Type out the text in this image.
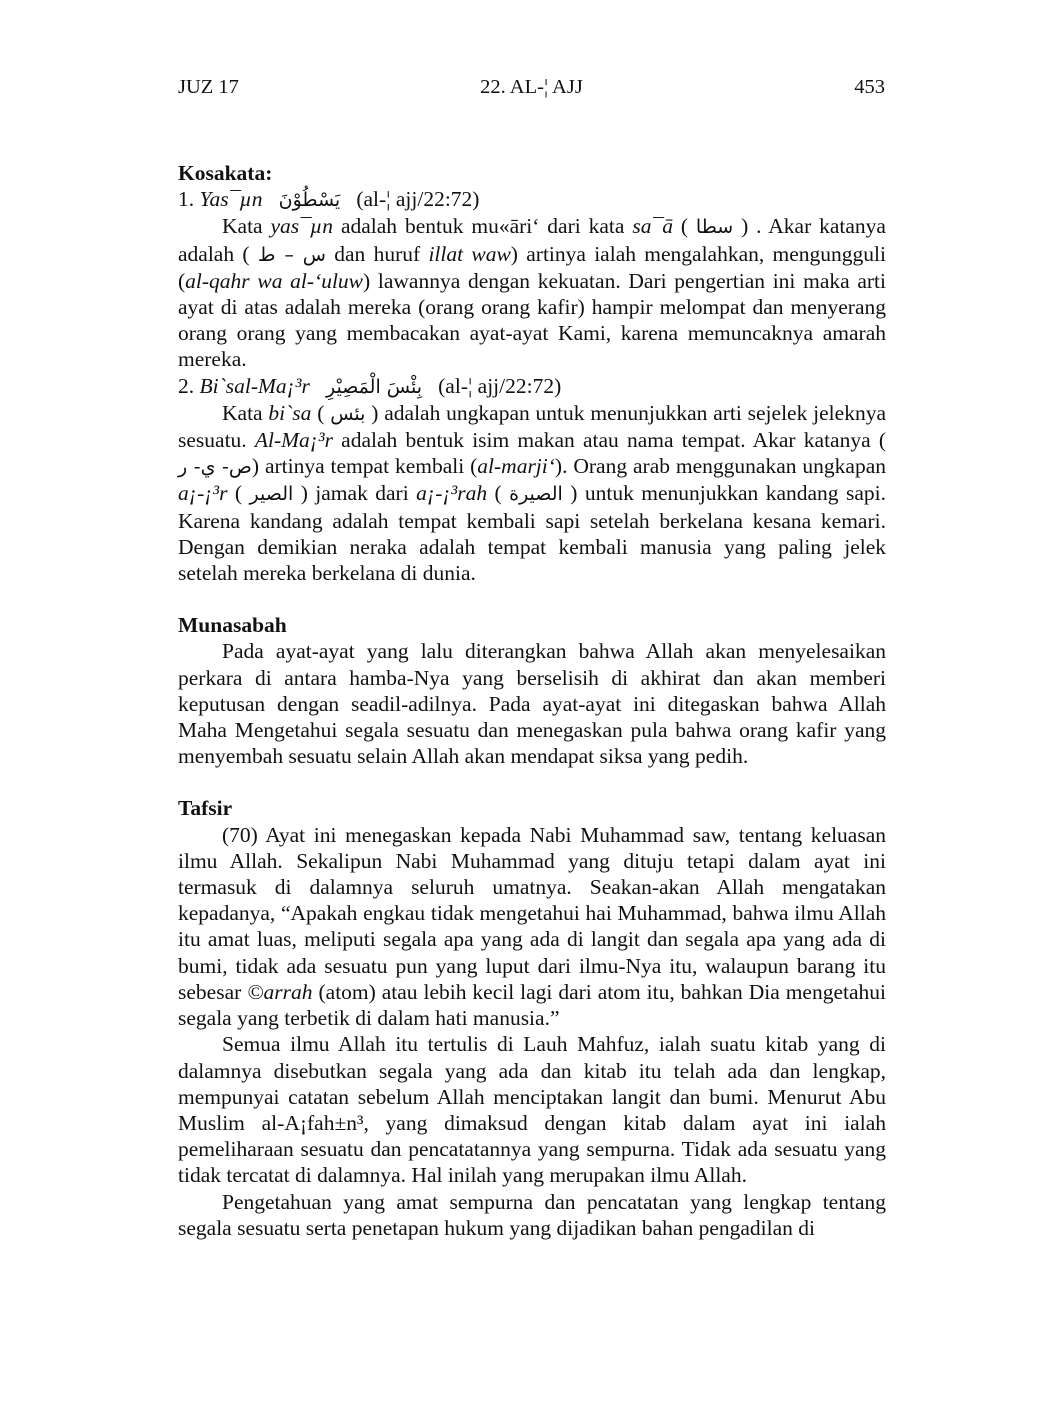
JUZ 17	22. AL-¦ AJJ	453
Kosakata:
1. Yas¯µn يَسْطُوْنَ (al-¦ ajj/22:72)

Kata yas¯µn adalah bentuk mu«āri‘ dari kata sa¯ā ( سطا ) . Akar katanya adalah ( س – ط dan huruf illat waw) artinya ialah mengalahkan, mengungguli (al-qahr wa al-‘uluw) lawannya dengan kekuatan. Dari pengertian ini maka arti ayat di atas adalah mereka (orang orang kafir) hampir melompat dan menyerang orang orang yang membacakan ayat-ayat Kami, karena memuncaknya amarah mereka.

2. Bi`sal-Ma¡³r بِئْسَ الْمَصِيْرِ (al-¦ ajj/22:72)

Kata bi`sa ( بئس ) adalah ungkapan untuk menunjukkan arti sejelek jeleknya sesuatu. Al-Ma¡³r adalah bentuk isim makan atau nama tempat. Akar katanya ( ص- ي- ر) artinya tempat kembali (al-marji‘). Orang arab menggunakan ungkapan a¡-¡³r ( الصير ) jamak dari a¡-¡³rah ( الصيرة ) untuk menunjukkan kandang sapi. Karena kandang adalah tempat kembali sapi setelah berkelana kesana kemari. Dengan demikian neraka adalah tempat kembali manusia yang paling jelek setelah mereka berkelana di dunia.

Munasabah

Pada ayat-ayat yang lalu diterangkan bahwa Allah akan menyelesaikan perkara di antara hamba-Nya yang berselisih di akhirat dan akan memberi keputusan dengan seadil-adilnya. Pada ayat-ayat ini ditegaskan bahwa Allah Maha Mengetahui segala sesuatu dan menegaskan pula bahwa orang kafir yang menyembah sesuatu selain Allah akan mendapat siksa yang pedih.

Tafsir

(70) Ayat ini menegaskan kepada Nabi Muhammad saw, tentang keluasan ilmu Allah. Sekalipun Nabi Muhammad yang dituju tetapi dalam ayat ini termasuk di dalamnya seluruh umatnya. Seakan-akan Allah mengatakan kepadanya, “Apakah engkau tidak mengetahui hai Muhammad, bahwa ilmu Allah itu amat luas, meliputi segala apa yang ada di langit dan segala apa yang ada di bumi, tidak ada sesuatu pun yang luput dari ilmu-Nya itu, walaupun barang itu sebesar ©arrah (atom) atau lebih kecil lagi dari atom itu, bahkan Dia mengetahui segala yang terbetik di dalam hati manusia.”

Semua ilmu Allah itu tertulis di Lauh Mahfuz, ialah suatu kitab yang di dalamnya disebutkan segala yang ada dan kitab itu telah ada dan lengkap, mempunyai catatan sebelum Allah menciptakan langit dan bumi. Menurut Abu Muslim al-A¡fah±n³, yang dimaksud dengan kitab dalam ayat ini ialah pemeliharaan sesuatu dan pencatatannya yang sempurna. Tidak ada sesuatu yang tidak tercatat di dalamnya. Hal inilah yang merupakan ilmu Allah.

Pengetahuan yang amat sempurna dan pencatatan yang lengkap tentang segala sesuatu serta penetapan hukum yang dijadikan bahan pengadilan di
